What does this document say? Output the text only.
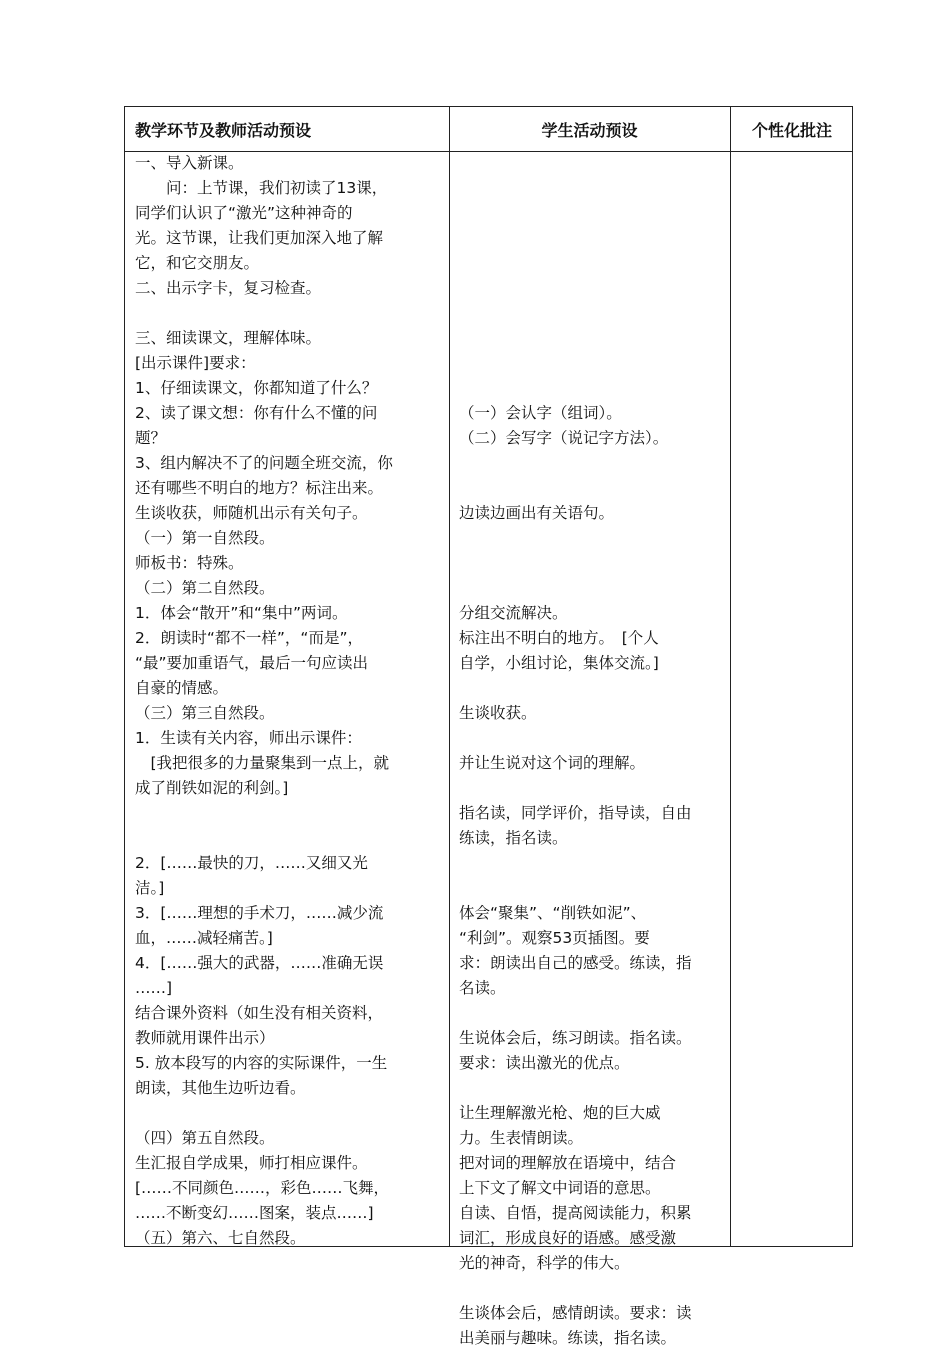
教学环节及教师活动预设	学生活动预设	个性化批注
一、导入新课。
　　问：上节课，我们初读了13课，
同学们认识了“激光”这种神奇的
光。这节课，让我们更加深入地了解
它，和它交朋友。
二、出示字卡，复习检查。
三、细读课文，理解体味。
[出示课件]要求：
1、仔细读课文，你都知道了什么？
2、读了课文想：你有什么不懂的问
题？
3、组内解决不了的问题全班交流，你
还有哪些不明白的地方？标注出来。
生谈收获，师随机出示有关句子。
（一）第一自然段。
师板书：特殊。
（二）第二自然段。
1．体会“散开”和“集中”两词。
2．朗读时“都不一样”，“而是”，
“最”要加重语气，最后一句应读出
自豪的情感。
（三）第三自然段。
1．生读有关内容，师出示课件：
　[我把很多的力量聚集到一点上，就
成了削铁如泥的利剑。]
2．[……最快的刀，……又细又光
洁。]
3．[……理想的手术刀，……减少流
血，……减轻痛苦。]
4．[……强大的武器，……准确无误
……]
结合课外资料（如生没有相关资料，
教师就用课件出示）
5. 放本段写的内容的实际课件，一生
朗读，其他生边听边看。
（四）第五自然段。
生汇报自学成果，师打相应课件。
[……不同颜色……，彩色……飞舞，
……不断变幻……图案，装点……]
（五）第六、七自然段。
（一）会认字（组词）。
（二）会写字（说记字方法）。
边读边画出有关语句。
分组交流解决。
标注出不明白的地方。　[个人
自学，小组讨论，集体交流。]
生谈收获。
并让生说对这个词的理解。
指名读，同学评价，指导读，自由
练读，指名读。
体会“聚集”、“削铁如泥”、
“利剑”。观察53页插图。要
求：朗读出自己的感受。练读，指
名读。
生说体会后，练习朗读。指名读。
要求：读出激光的优点。
让生理解激光枪、炮的巨大威
力。生表情朗读。
把对词的理解放在语境中，结合
上下文了解文中词语的意思。
自读、自悟，提高阅读能力，积累
词汇，形成良好的语感。感受激
光的神奇，科学的伟大。
生谈体会后，感情朗读。要求：读
出美丽与趣味。练读，指名读。
